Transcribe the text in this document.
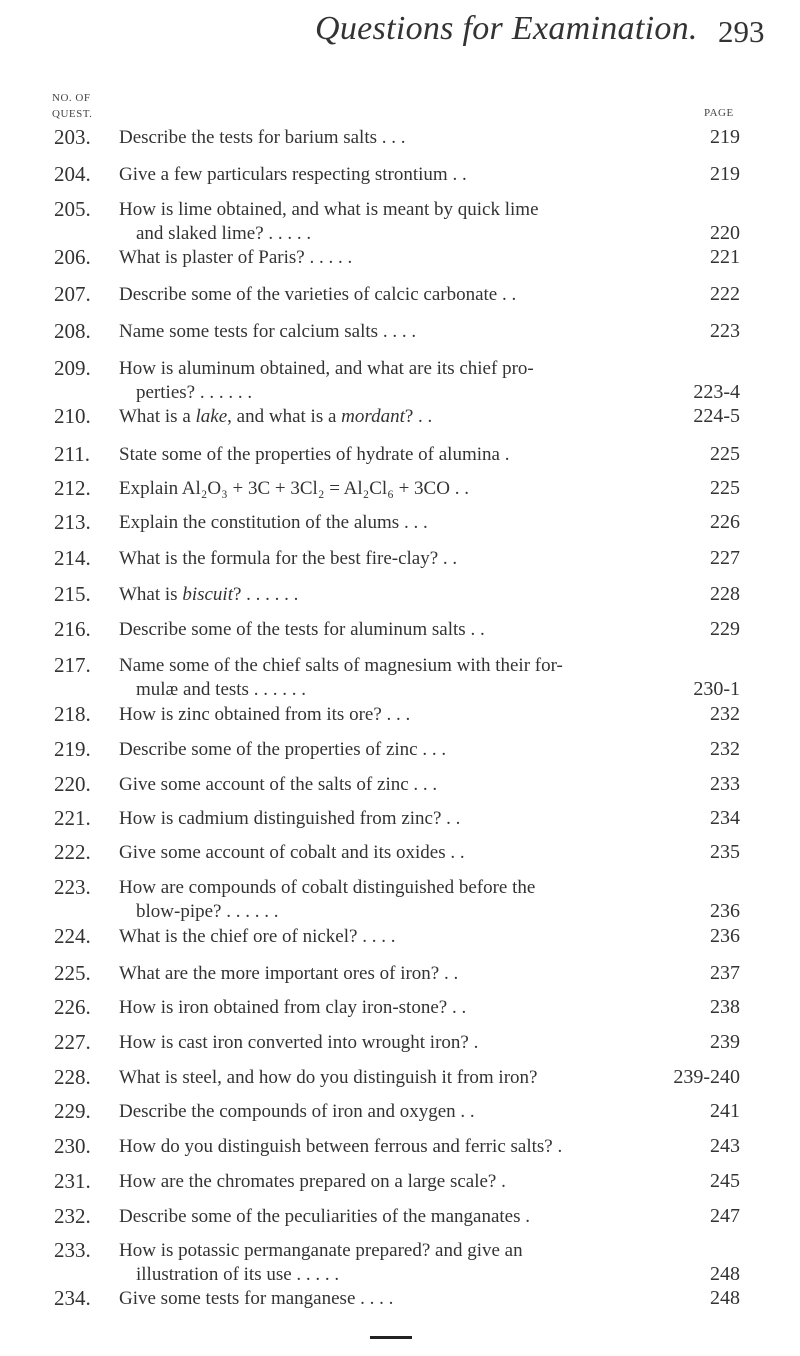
Questions for Examination. 293
NO. OF
QUEST.	PAGE
203. Describe the tests for barium salts . . .	219
204. Give a few particulars respecting strontium . .	219
205. How is lime obtained, and what is meant by quick lime
and slaked lime? . . . . .	220
206. What is plaster of Paris? . . . . .	221
207. Describe some of the varieties of calcic carbonate . .	222
208. Name some tests for calcium salts . . . .	223
209. How is aluminum obtained, and what are its chief pro-
perties? . . . . . .	223-4
210. What is a lake, and what is a mordant? . .	224-5
211. State some of the properties of hydrate of alumina .	225
212. Explain Al₂O₃ + 3C + 3Cl₂ = Al₂Cl₆ + 3CO . .	225
213. Explain the constitution of the alums . . .	226
214. What is the formula for the best fire-clay? . .	227
215. What is biscuit? . . . . . .	228
216. Describe some of the tests for aluminum salts . .	229
217. Name some of the chief salts of magnesium with their for-
mulæ and tests . . . . . .	230-1
218. How is zinc obtained from its ore? . . .	232
219. Describe some of the properties of zinc . . .	232
220. Give some account of the salts of zinc . . .	233
221. How is cadmium distinguished from zinc? . .	234
222. Give some account of cobalt and its oxides . .	235
223. How are compounds of cobalt distinguished before the
blow-pipe? . . . . . .	236
224. What is the chief ore of nickel? . . . .	236
225. What are the more important ores of iron? . .	237
226. How is iron obtained from clay iron-stone? . .	238
227. How is cast iron converted into wrought iron? .	239
228. What is steel, and how do you distinguish it from iron?	239-240
229. Describe the compounds of iron and oxygen . .	241
230. How do you distinguish between ferrous and ferric salts? .	243
231. How are the chromates prepared on a large scale? .	245
232. Describe some of the peculiarities of the manganates .	247
233. How is potassic permanganate prepared? and give an
illustration of its use . . . . .	248
234. Give some tests for manganese . . . .	248
